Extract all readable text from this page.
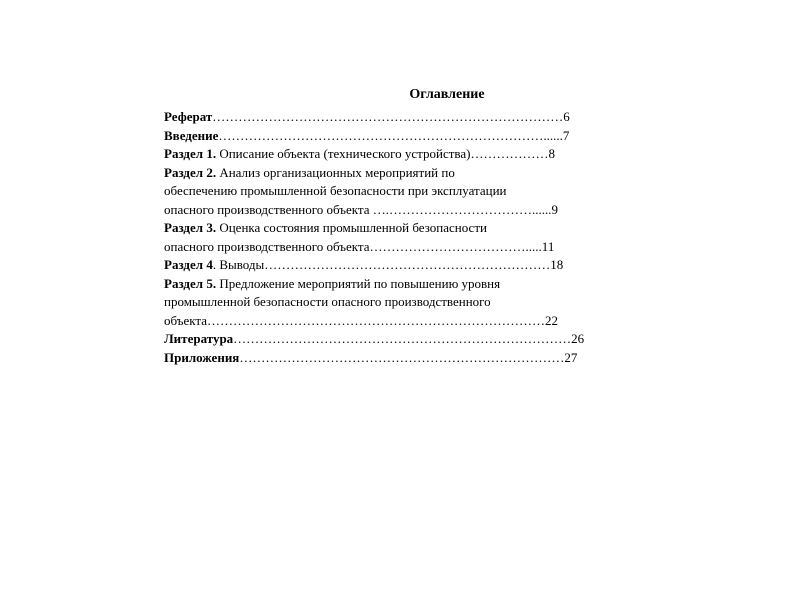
Оглавление

Реферат………………………………………………………………………6

Введение…………………………………………………………………......7

Раздел 1. Описание объекта (технического устройства)………………8

Раздел 2. Анализ организационных мероприятий по

обеспечению промышленной безопасности при эксплуатации

опасного производственного объекта ….……………………………......9

Раздел 3. Оценка состояния промышленной безопасности

опасного производственного объекта……………………………….....11

Раздел 4. Выводы…………………………………………………………18

Раздел 5. Предложение мероприятий по повышению уровня

промышленной безопасности опасного производственного

объекта……………………………………………………………………22

Литература……………………………………………………………………26

Приложения…………………………………………………………………27
